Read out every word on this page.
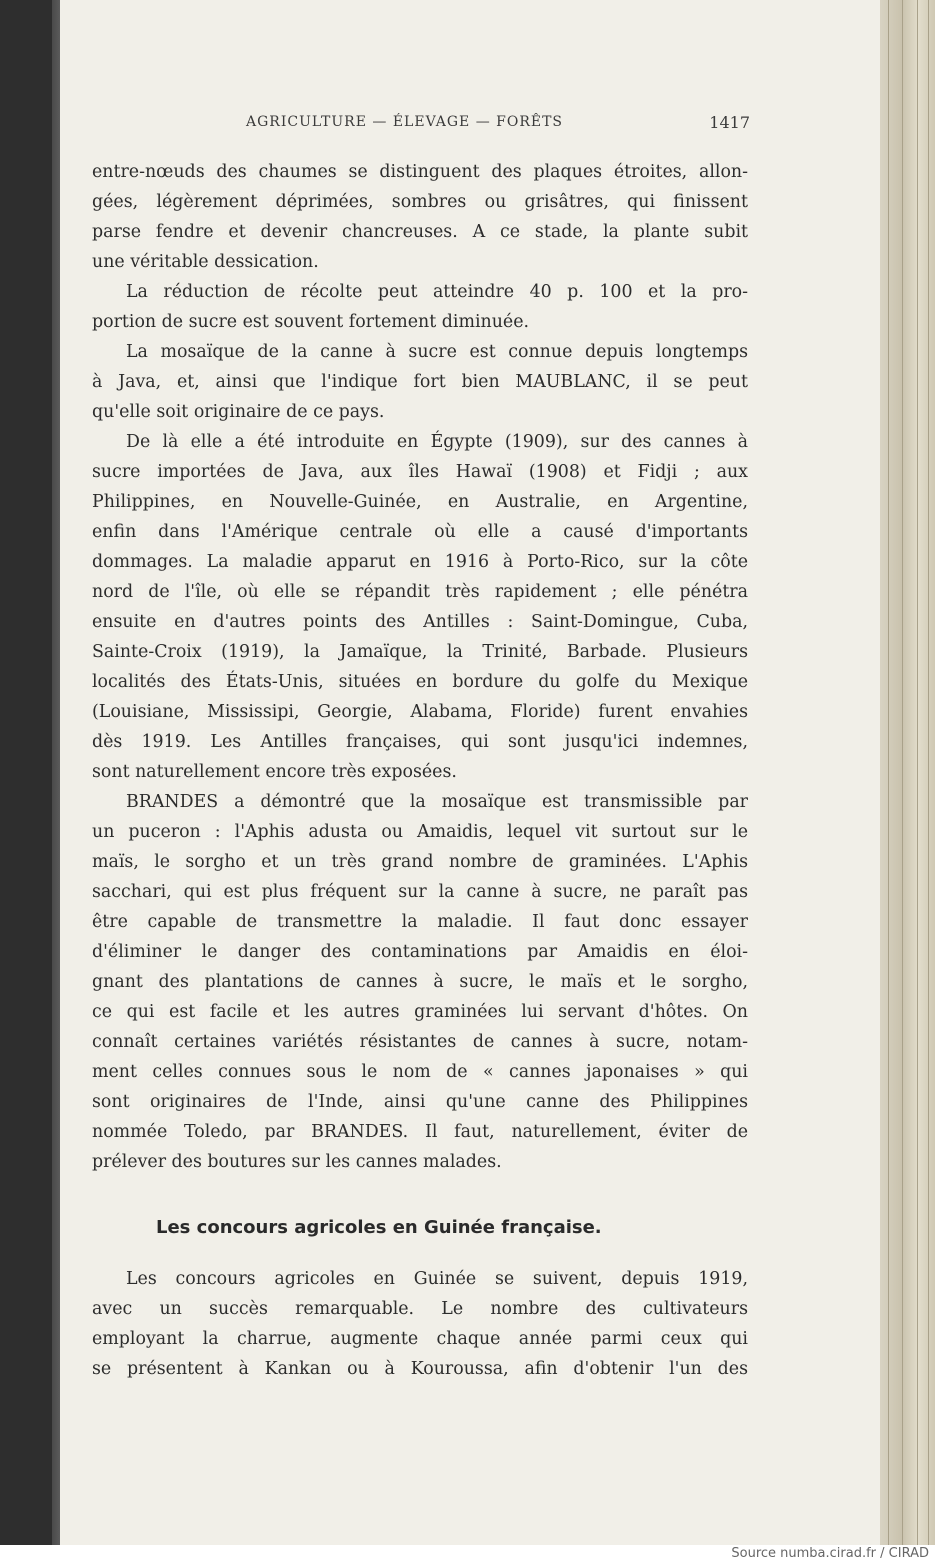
AGRICULTURE — ÉLEVAGE — FORÊTS	1417
entre-nœuds des chaumes se distinguent des plaques étroites, allon-
gées, légèrement déprimées, sombres ou grisâtres, qui finissent
parse fendre et devenir chancreuses. A ce stade, la plante subit
une véritable dessication.
La réduction de récolte peut atteindre 40 p. 100 et la pro-
portion de sucre est souvent fortement diminuée.
La mosaïque de la canne à sucre est connue depuis longtemps
à Java, et, ainsi que l'indique fort bien MAUBLANC, il se peut
qu'elle soit originaire de ce pays.
De là elle a été introduite en Égypte (1909), sur des cannes à
sucre importées de Java, aux îles Hawaï (1908) et Fidji ; aux
Philippines, en Nouvelle-Guinée, en Australie, en Argentine,
enfin dans l'Amérique centrale où elle a causé d'importants
dommages. La maladie apparut en 1916 à Porto-Rico, sur la côte
nord de l'île, où elle se répandit très rapidement ; elle pénétra
ensuite en d'autres points des Antilles : Saint-Domingue, Cuba,
Sainte-Croix (1919), la Jamaïque, la Trinité, Barbade. Plusieurs
localités des États-Unis, situées en bordure du golfe du Mexique
(Louisiane, Mississipi, Georgie, Alabama, Floride) furent envahies
dès 1919. Les Antilles françaises, qui sont jusqu'ici indemnes,
sont naturellement encore très exposées.
BRANDES a démontré que la mosaïque est transmissible par
un puceron : l'Aphis adusta ou Amaidis, lequel vit surtout sur le
maïs, le sorgho et un très grand nombre de graminées. L'Aphis
sacchari, qui est plus fréquent sur la canne à sucre, ne paraît pas
être capable de transmettre la maladie. Il faut donc essayer
d'éliminer le danger des contaminations par Amaidis en éloi-
gnant des plantations de cannes à sucre, le maïs et le sorgho,
ce qui est facile et les autres graminées lui servant d'hôtes. On
connaît certaines variétés résistantes de cannes à sucre, notam-
ment celles connues sous le nom de « cannes japonaises » qui
sont originaires de l'Inde, ainsi qu'une canne des Philippines
nommée Toledo, par BRANDES. Il faut, naturellement, éviter de
prélever des boutures sur les cannes malades.
Les concours agricoles en Guinée française.
Les concours agricoles en Guinée se suivent, depuis 1919,
avec un succès remarquable. Le nombre des cultivateurs
employant la charrue, augmente chaque année parmi ceux qui
se présentent à Kankan ou à Kouroussa, afin d'obtenir l'un des
Source numba.cirad.fr / CIRAD
